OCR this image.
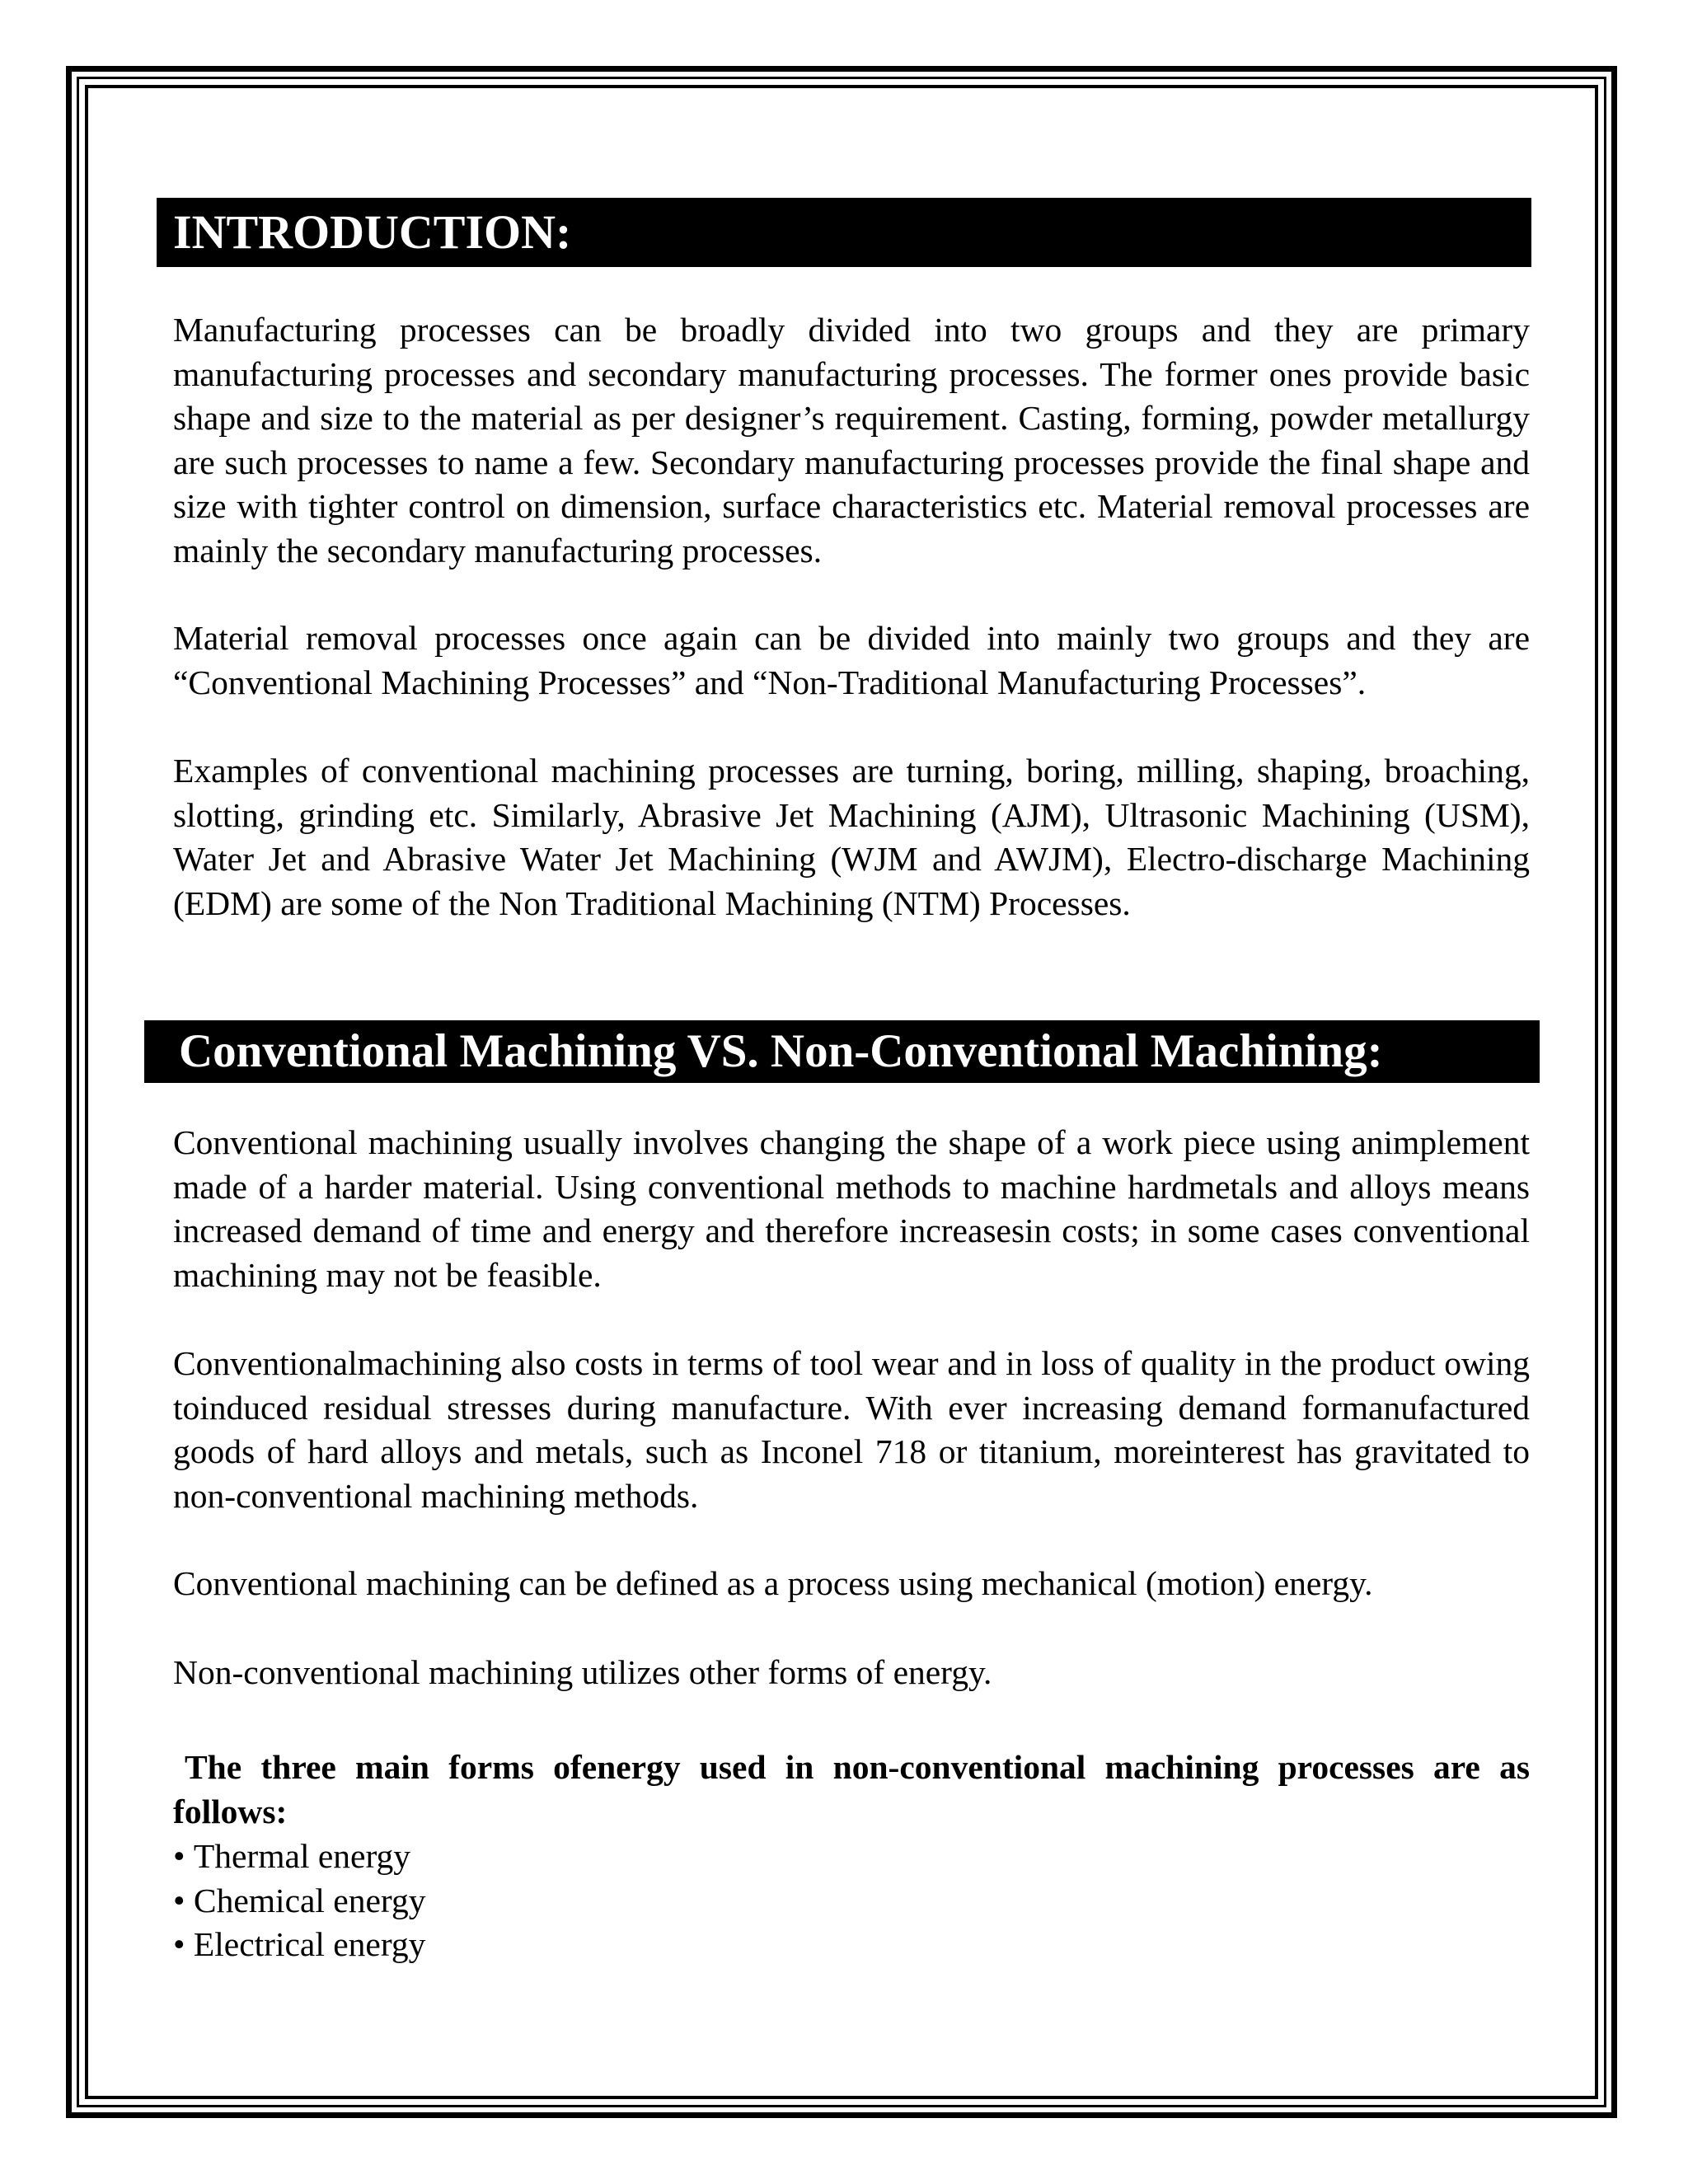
INTRODUCTION:

Manufacturing processes can be broadly divided into two groups and they are primary manufacturing processes and secondary manufacturing processes. The former ones provide basic shape and size to the material as per designer’s requirement. Casting, forming, powder metallurgy are such processes to name a few. Secondary manufacturing processes provide the final shape and size with tighter control on dimension, surface characteristics etc. Material removal processes are mainly the secondary manufacturing processes.

Material removal processes once again can be divided into mainly two groups and they are “Conventional Machining Processes” and “Non-Traditional Manufacturing Processes”.

Examples of conventional machining processes are turning, boring, milling, shaping, broaching, slotting, grinding etc. Similarly, Abrasive Jet Machining (AJM), Ultrasonic Machining (USM), Water Jet and Abrasive Water Jet Machining (WJM and AWJM), Electro-discharge Machining (EDM) are some of the Non Traditional Machining (NTM) Processes.

Conventional Machining VS. Non-Conventional Machining:

Conventional machining usually involves changing the shape of a work piece using animplement made of a harder material. Using conventional methods to machine hardmetals and alloys means increased demand of time and energy and therefore increasesin costs; in some cases conventional machining may not be feasible.

Conventionalmachining also costs in terms of tool wear and in loss of quality in the product owing toinduced residual stresses during manufacture. With ever increasing demand formanufactured goods of hard alloys and metals, such as Inconel 718 or titanium, moreinterest has gravitated to non-conventional machining methods.

Conventional machining can be defined as a process using mechanical (motion) energy.

Non-conventional machining utilizes other forms of energy.

The three main forms ofenergy used in non-conventional machining processes are as follows:

• Thermal energy
• Chemical energy
• Electrical energy
